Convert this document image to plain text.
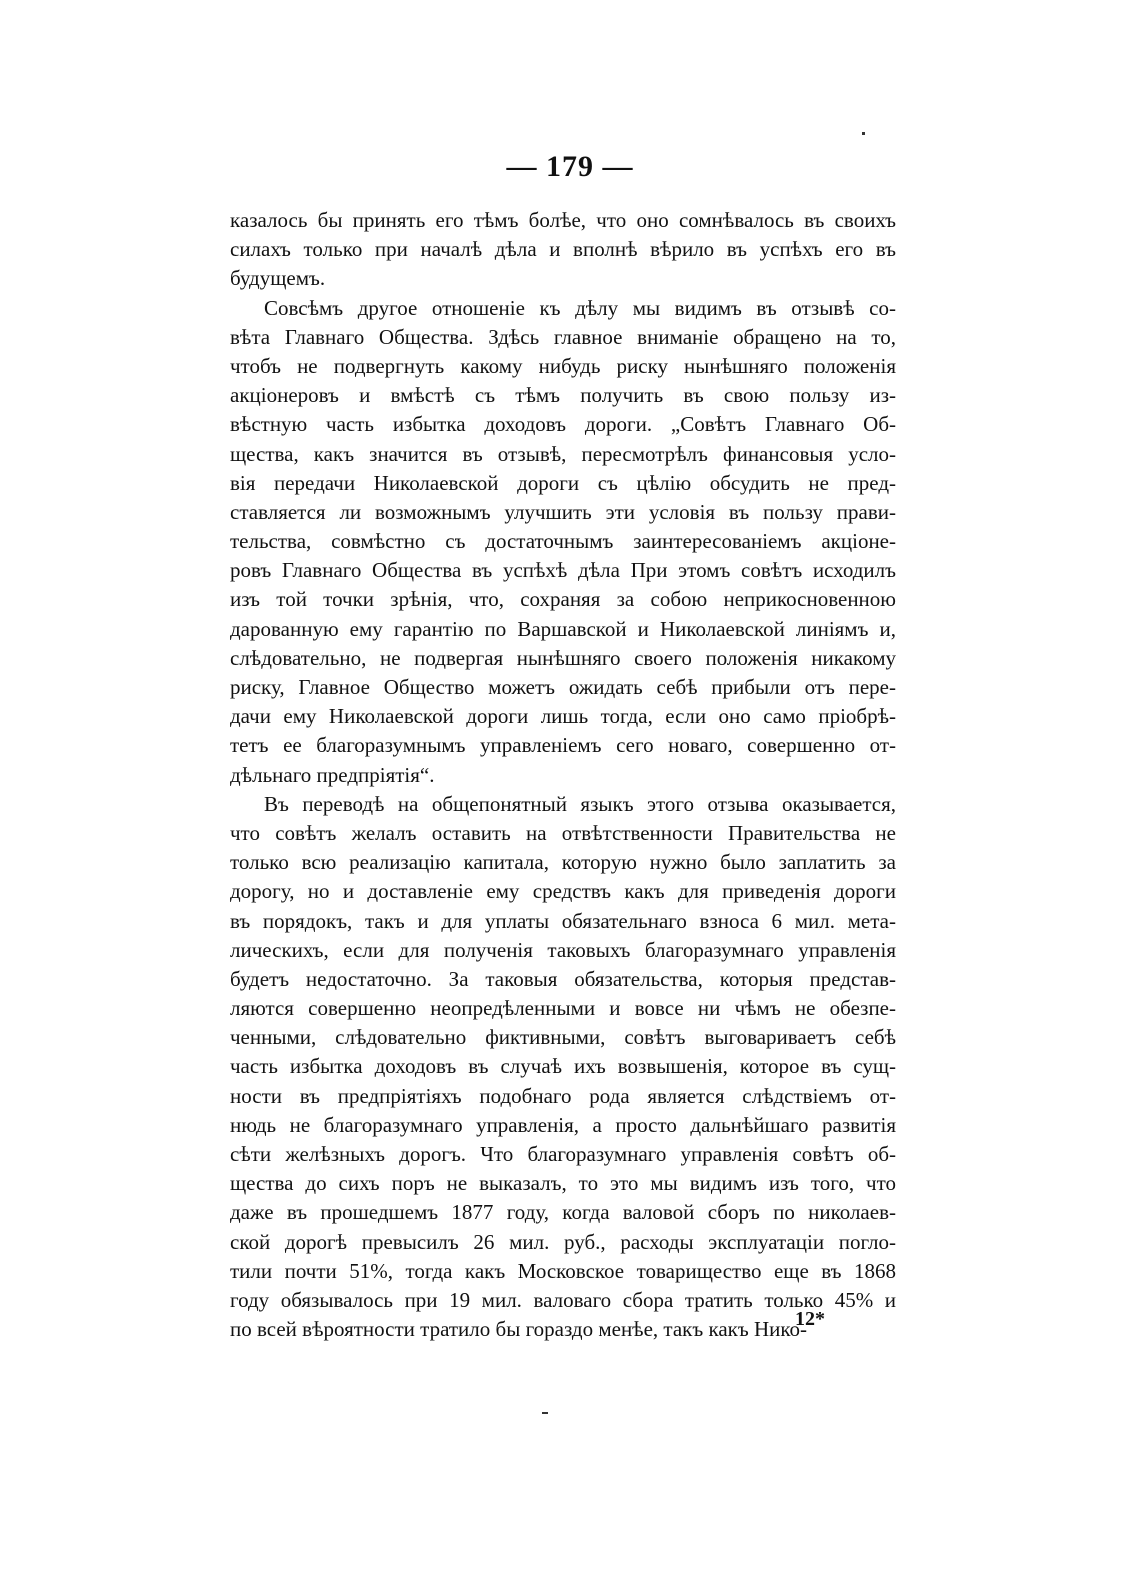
— 179 —
казалось бы принять его тѣмъ болѣе, что оно сомнѣвалось въ своихъ
силахъ только при началѣ дѣла и вполнѣ вѣрило въ успѣхъ его въ
будущемъ.
Совсѣмъ другое отношеніе къ дѣлу мы видимъ въ отзывѣ со-
вѣта Главнаго Общества. Здѣсь главное вниманіе обращено на то,
чтобъ не подвергнуть какому нибудь риску нынѣшняго положенія
акціонеровъ и вмѣстѣ съ тѣмъ получить въ свою пользу из-
вѣстную часть избытка доходовъ дороги. „Совѣтъ Главнаго Об-
щества, какъ значится въ отзывѣ, пересмотрѣлъ финансовыя усло-
вія передачи Николаевской дороги съ цѣлію обсудить не пред-
ставляется ли возможнымъ улучшить эти условія въ пользу прави-
тельства, совмѣстно съ достаточнымъ заинтересованіемъ акціоне-
ровъ Главнаго Общества въ успѣхѣ дѣла При этомъ совѣтъ исходилъ
изъ той точки зрѣнія, что, сохраняя за собою неприкосновенною
дарованную ему гарантію по Варшавской и Николаевской линіямъ и,
слѣдовательно, не подвергая нынѣшняго своего положенія никакому
риску, Главное Общество можетъ ожидать себѣ прибыли отъ пере-
дачи ему Николаевской дороги лишь тогда, если оно само пріобрѣ-
тетъ ее благоразумнымъ управленіемъ сего новаго, совершенно от-
дѣльнаго предпріятія“.
Въ переводѣ на общепонятный языкъ этого отзыва оказывается,
что совѣтъ желалъ оставить на отвѣтственности Правительства не
только всю реализацію капитала, которую нужно было заплатить за
дорогу, но и доставленіе ему средствъ какъ для приведенія дороги
въ порядокъ, такъ и для уплаты обязательнаго взноса 6 мил. мета-
лическихъ, если для полученія таковыхъ благоразумнаго управленія
будетъ недостаточно. За таковыя обязательства, которыя представ-
ляются совершенно неопредѣленными и вовсе ни чѣмъ не обезпе-
ченными, слѣдовательно фиктивными, совѣтъ выговариваетъ себѣ
часть избытка доходовъ въ случаѣ ихъ возвышенія, которое въ сущ-
ности въ предпріятіяхъ подобнаго рода является слѣдствіемъ от-
нюдь не благоразумнаго управленія, а просто дальнѣйшаго развитія
сѣти желѣзныхъ дорогъ. Что благоразумнаго управленія совѣтъ об-
щества до сихъ поръ не выказалъ, то это мы видимъ изъ того, что
даже въ прошедшемъ 1877 году, когда валовой сборъ по николаев-
ской дорогѣ превысилъ 26 мил. руб., расходы эксплуатаціи погло-
тили почти 51%, тогда какъ Московское товарищество еще въ 1868
году обязывалось при 19 мил. валоваго сбора тратить только 45% и
по всей вѣроятности тратило бы гораздо менѣе, такъ какъ Нико-
12*
